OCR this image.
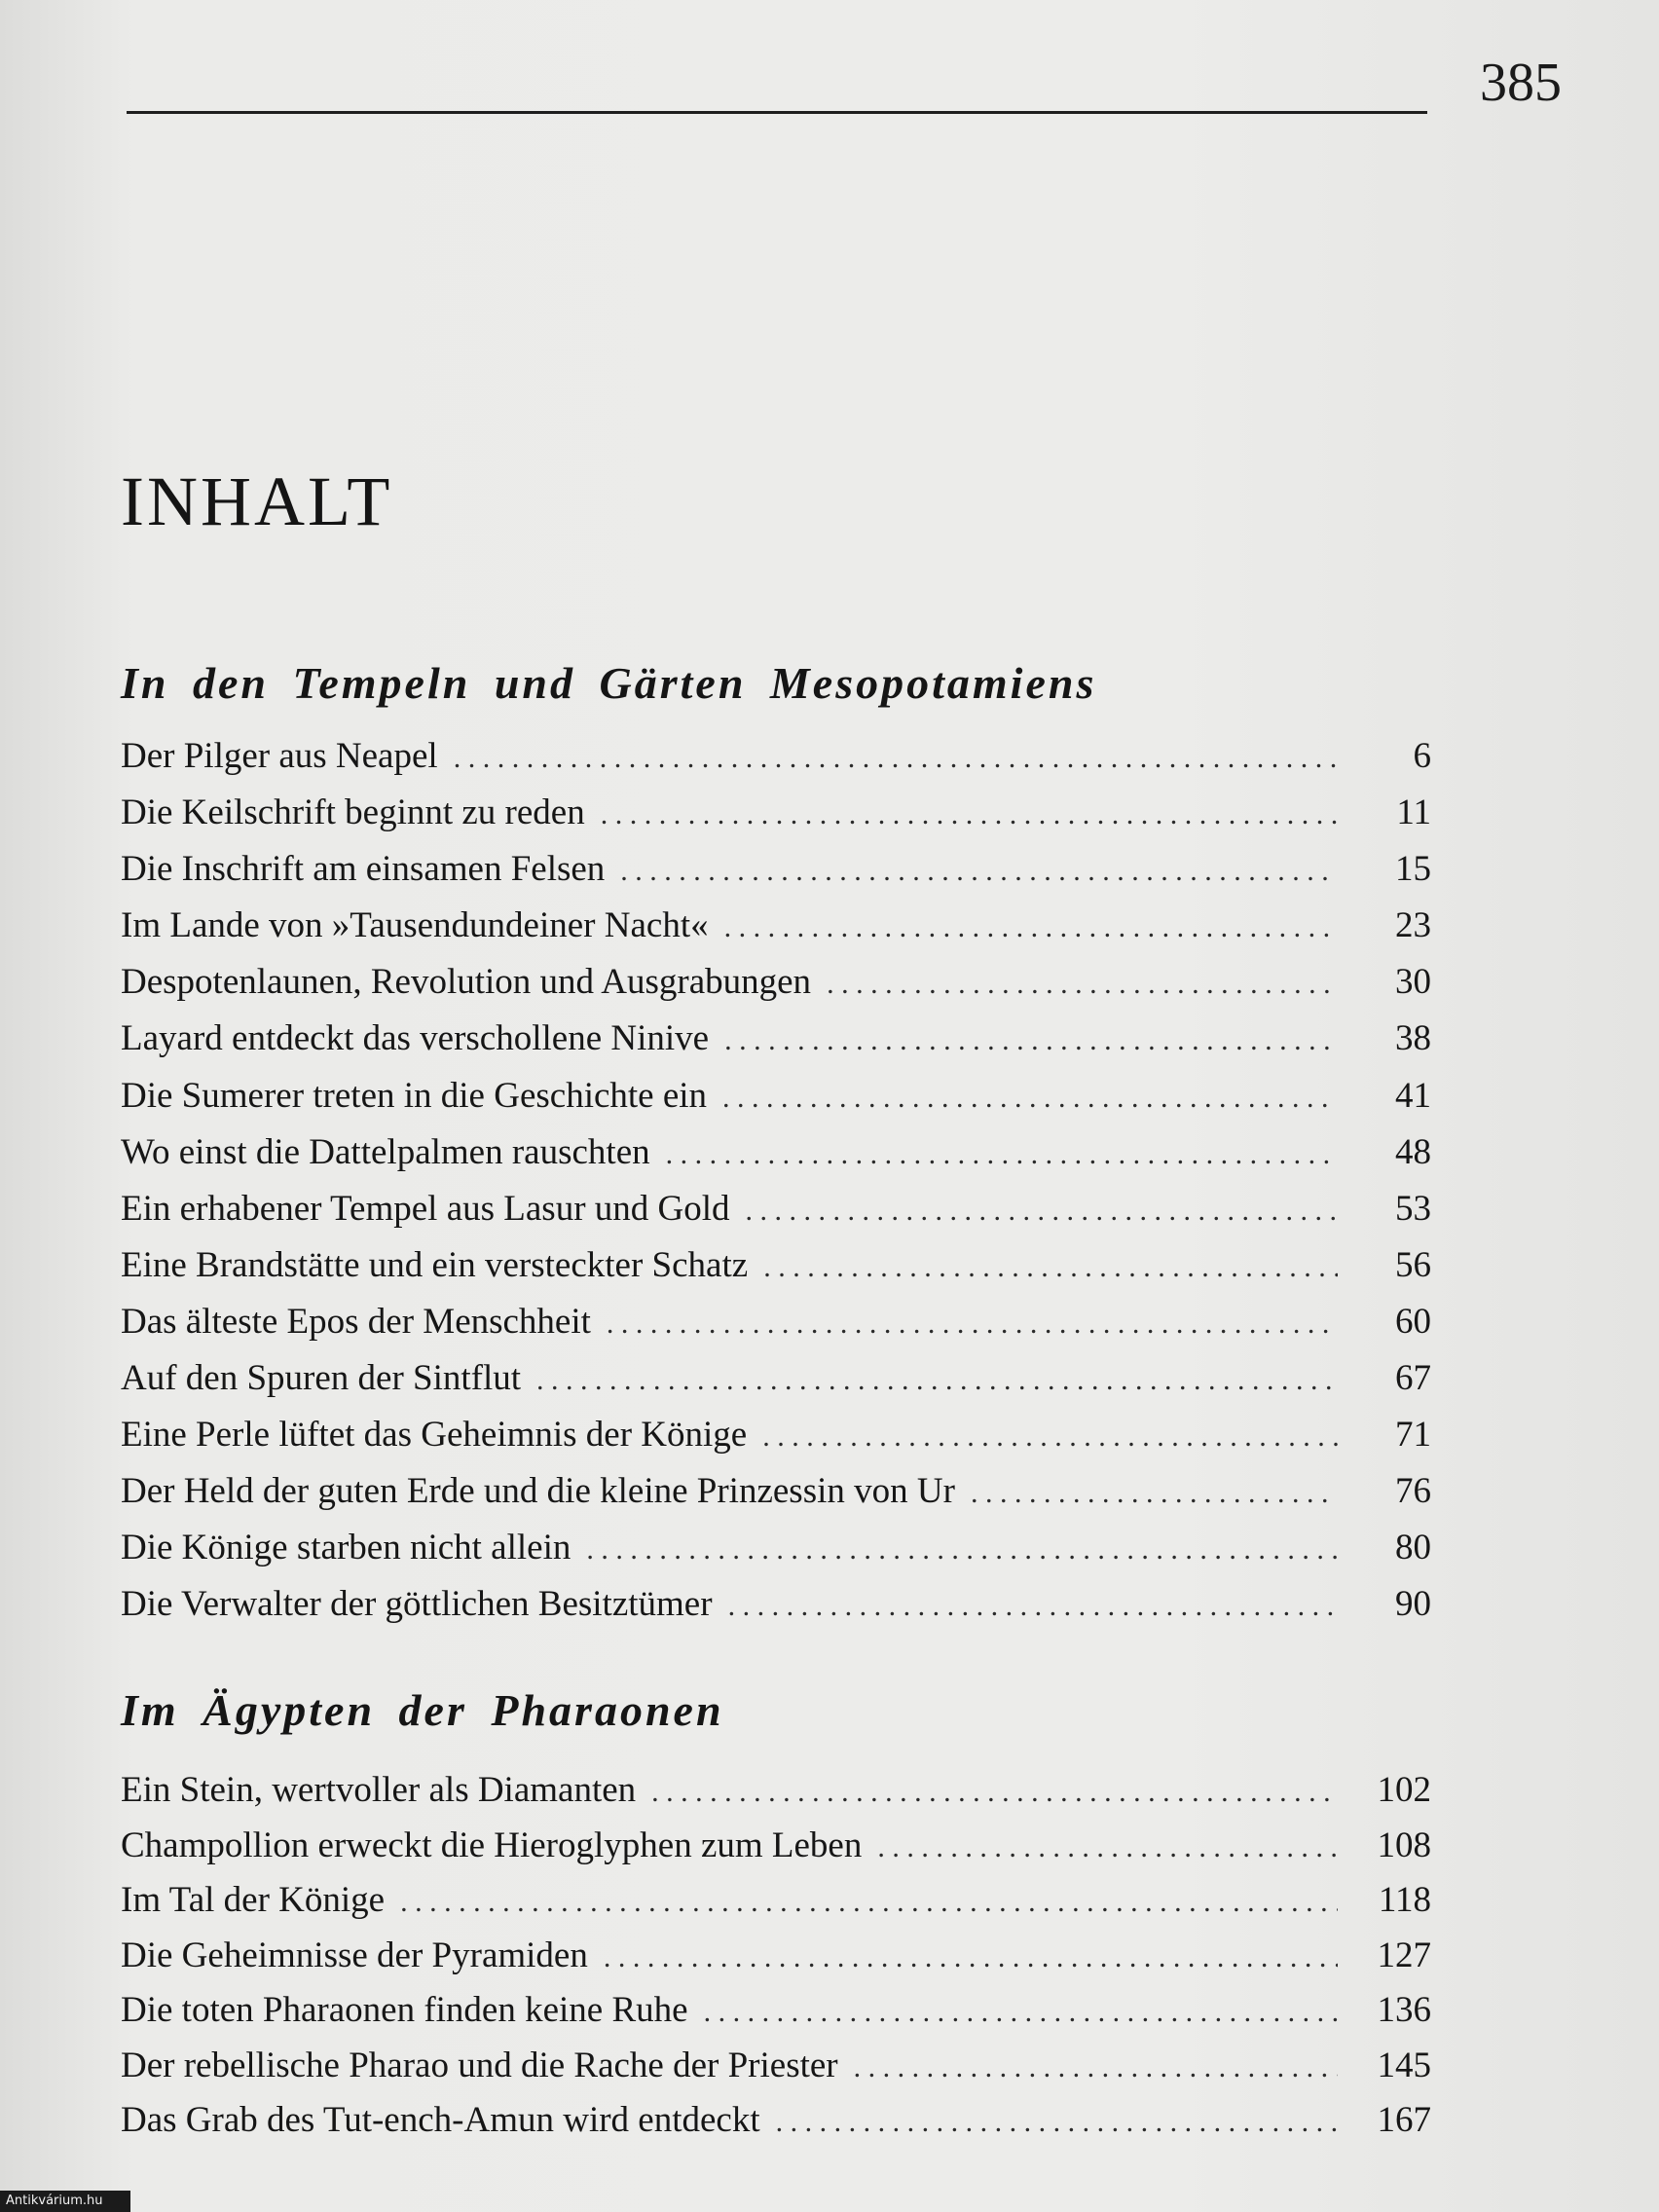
385
INHALT
In den Tempeln und Gärten Mesopotamiens
Der Pilger aus Neapel . . .	6
Die Keilschrift beginnt zu reden . . .	11
Die Inschrift am einsamen Felsen . . .	15
Im Lande von »Tausendundeiner Nacht« . . .	23
Despotenlaunen, Revolution und Ausgrabungen . . .	30
Layard entdeckt das verschollene Ninive . . .	38
Die Sumerer treten in die Geschichte ein . . .	41
Wo einst die Dattelpalmen rauschten . . .	48
Ein erhabener Tempel aus Lasur und Gold . . .	53
Eine Brandstätte und ein versteckter Schatz . . .	56
Das älteste Epos der Menschheit . . .	60
Auf den Spuren der Sintflut . . .	67
Eine Perle lüftet das Geheimnis der Könige . . .	71
Der Held der guten Erde und die kleine Prinzessin von Ur . . .	76
Die Könige starben nicht allein . . .	80
Die Verwalter der göttlichen Besitztümer . . .	90
Im Ägypten der Pharaonen
Ein Stein, wertvoller als Diamanten . . .	102
Champollion erweckt die Hieroglyphen zum Leben . . .	108
Im Tal der Könige . . .	118
Die Geheimnisse der Pyramiden . . .	127
Die toten Pharaonen finden keine Ruhe . . .	136
Der rebellische Pharao und die Rache der Priester . . .	145
Das Grab des Tut-ench-Amun wird entdeckt . . .	167
Antikvárium.hu
